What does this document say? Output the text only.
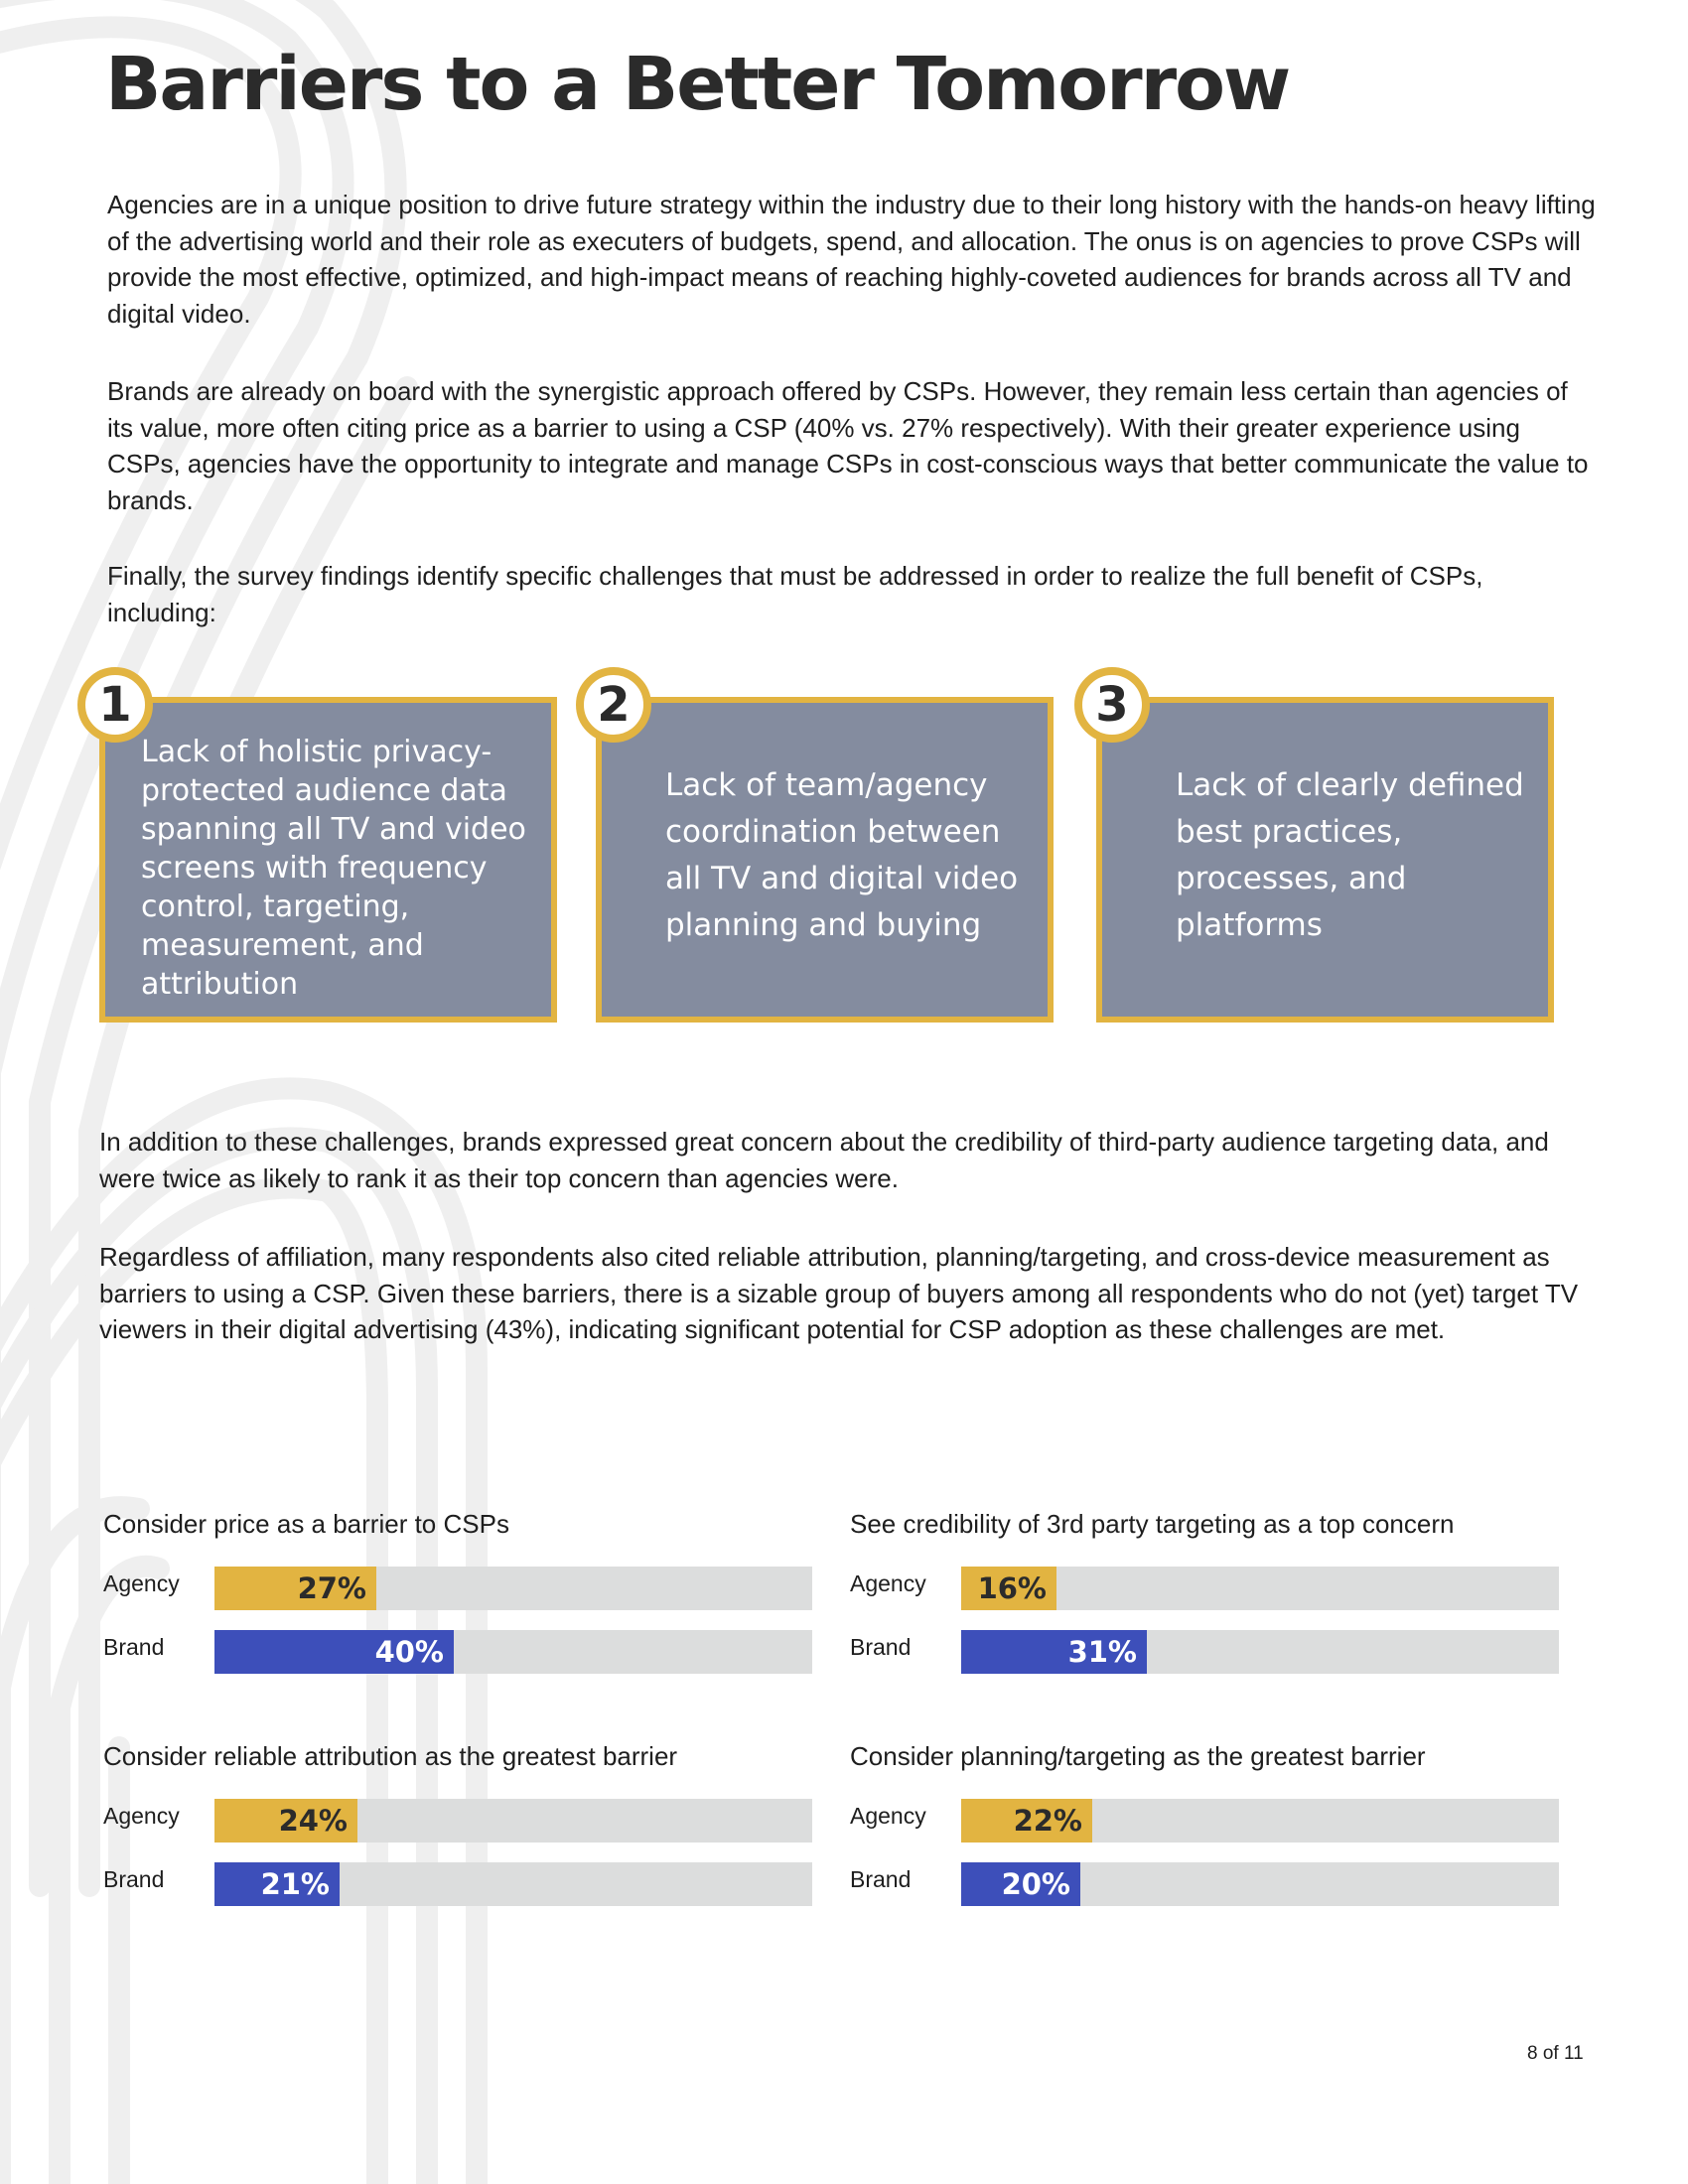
Barriers to a Better Tomorrow

Agencies are in a unique position to drive future strategy within the industry due to their long history with the hands-on heavy lifting of the advertising world and their role as executers of budgets, spend, and allocation. The onus is on agencies to prove CSPs will provide the most effective, optimized, and high-impact means of reaching highly-coveted audiences for brands across all TV and digital video.

Brands are already on board with the synergistic approach offered by CSPs. However, they remain less certain than agencies of its value, more often citing price as a barrier to using a CSP (40% vs. 27% respectively). With their greater experience using CSPs, agencies have the opportunity to integrate and manage CSPs in cost-conscious ways that better communicate the value to brands.

Finally, the survey findings identify specific challenges that must be addressed in order to realize the full benefit of CSPs, including:

1

Lack of holistic privacy-protected audience data spanning all TV and video screens with frequency control, targeting, measurement, and attribution

2

Lack of team/agency coordination between all TV and digital video planning and buying

3

Lack of clearly defined best practices, processes, and platforms

In addition to these challenges, brands expressed great concern about the credibility of third-party audience targeting data, and were twice as likely to rank it as their top concern than agencies were.

Regardless of affiliation, many respondents also cited reliable attribution, planning/targeting, and cross-device measurement as barriers to using a CSP. Given these barriers, there is a sizable group of buyers among all respondents who do not (yet) target TV viewers in their digital advertising (43%), indicating significant potential for CSP adoption as these challenges are met.

Consider price as a barrier to CSPs

Agency	27%
Brand	40%

See credibility of 3rd party targeting as a top concern

Agency 16%
Brand	31%

Consider reliable attribution as the greatest barrier

Agency	24%
Brand	21%

Consider planning/targeting as the greatest barrier

Agency	22%
Brand	20%
8 of 11
